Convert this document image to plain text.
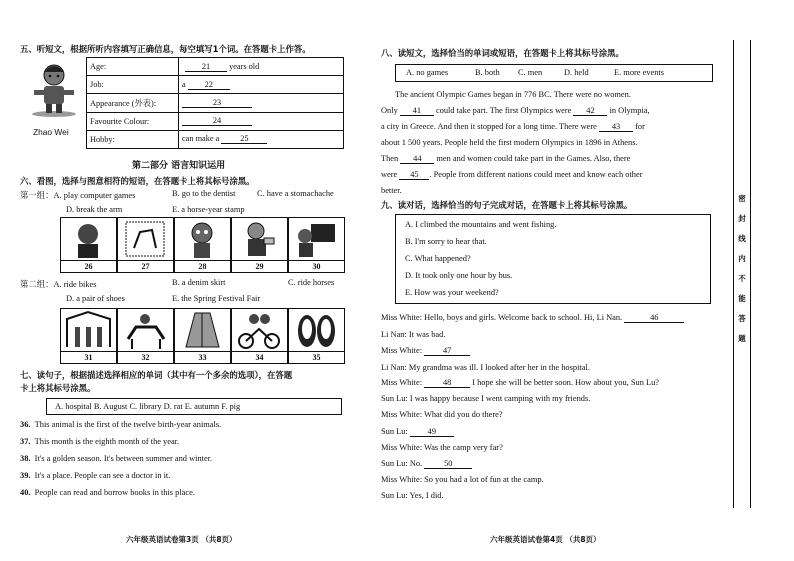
五、听短文，根据所听内容填写正确信息，每空填写1个词。在答题卡上作答。
Zhao Wei
Age:	21 years old
Job:	a 22
Appearance (外表):	23
Favourite Colour:	24
Hobby:	can make a 25
第二部分 语言知识运用
六、看图，选择与图意相符的短语，在答题卡上将其标号涂黑。
第一组：A. play computer games	B. go to the dentist	C. have a stomachache
D. break the arm	E. a horse-year stamp
26	27	28	29	30
第二组：A. ride bikes	B. a denim skirt	C. ride horses
D. a pair of shoes	E. the Spring Festival Fair
31	32	33	34	35
七、读句子，根据描述选择相应的单词（其中有一个多余的选项），在答题
卡上将其标号涂黑。
A. hospital B. August C. library D. rat E. autumn F. pig
36. This animal is the first of the twelve birth-year animals.
37. This month is the eighth month of the year.
38. It's a golden season. It's between summer and winter.
39. It's a place. People can see a doctor in it.
40. People can read and borrow books in this place.
六年级英语试卷第3页 （共8页）
八、读短文，选择恰当的单词或短语，在答题卡上将其标号涂黑。
A. no games	B. both C. men	D. held	E. more events
The ancient Olympic Games began in 776 BC. There were no women.
Only 41 could take part. The first Olympics were 42 in Olympia,
a city in Greece. And then it stopped for a long time. There were 43 for
about 1 500 years. People held the first modern Olympics in 1896 in Athens.
Then 44 men and women could take part in the Games. Also, there
were 45 . People from different nations could meet and know each other
better.
九、读对话，选择恰当的句子完成对话，在答题卡上将其标号涂黑。
A. I climbed the mountains and went fishing.
B. I'm sorry to hear that.
C. What happened?
D. It took only one hour by bus.
E. How was your weekend?
Miss White: Hello, boys and girls. Welcome back to school. Hi, Li Nan.	46
Li Nan: It was bad.
Miss White: 47
Li Nan: My grandma was ill. I looked after her in the hospital.
Miss White: 48 I hope she will be better soon. How about you, Sun Lu?
Sun Lu: I was happy because I went camping with my friends.
Miss White: What did you do there?
Sun Lu: 49
Miss White: Was the camp very far?
Sun Lu: No.	50
Miss White: So you had a lot of fun at the camp.
Sun Lu: Yes, I did.
六年级英语试卷第4页 （共8页）
密
封
线
内
不
能
答
题
